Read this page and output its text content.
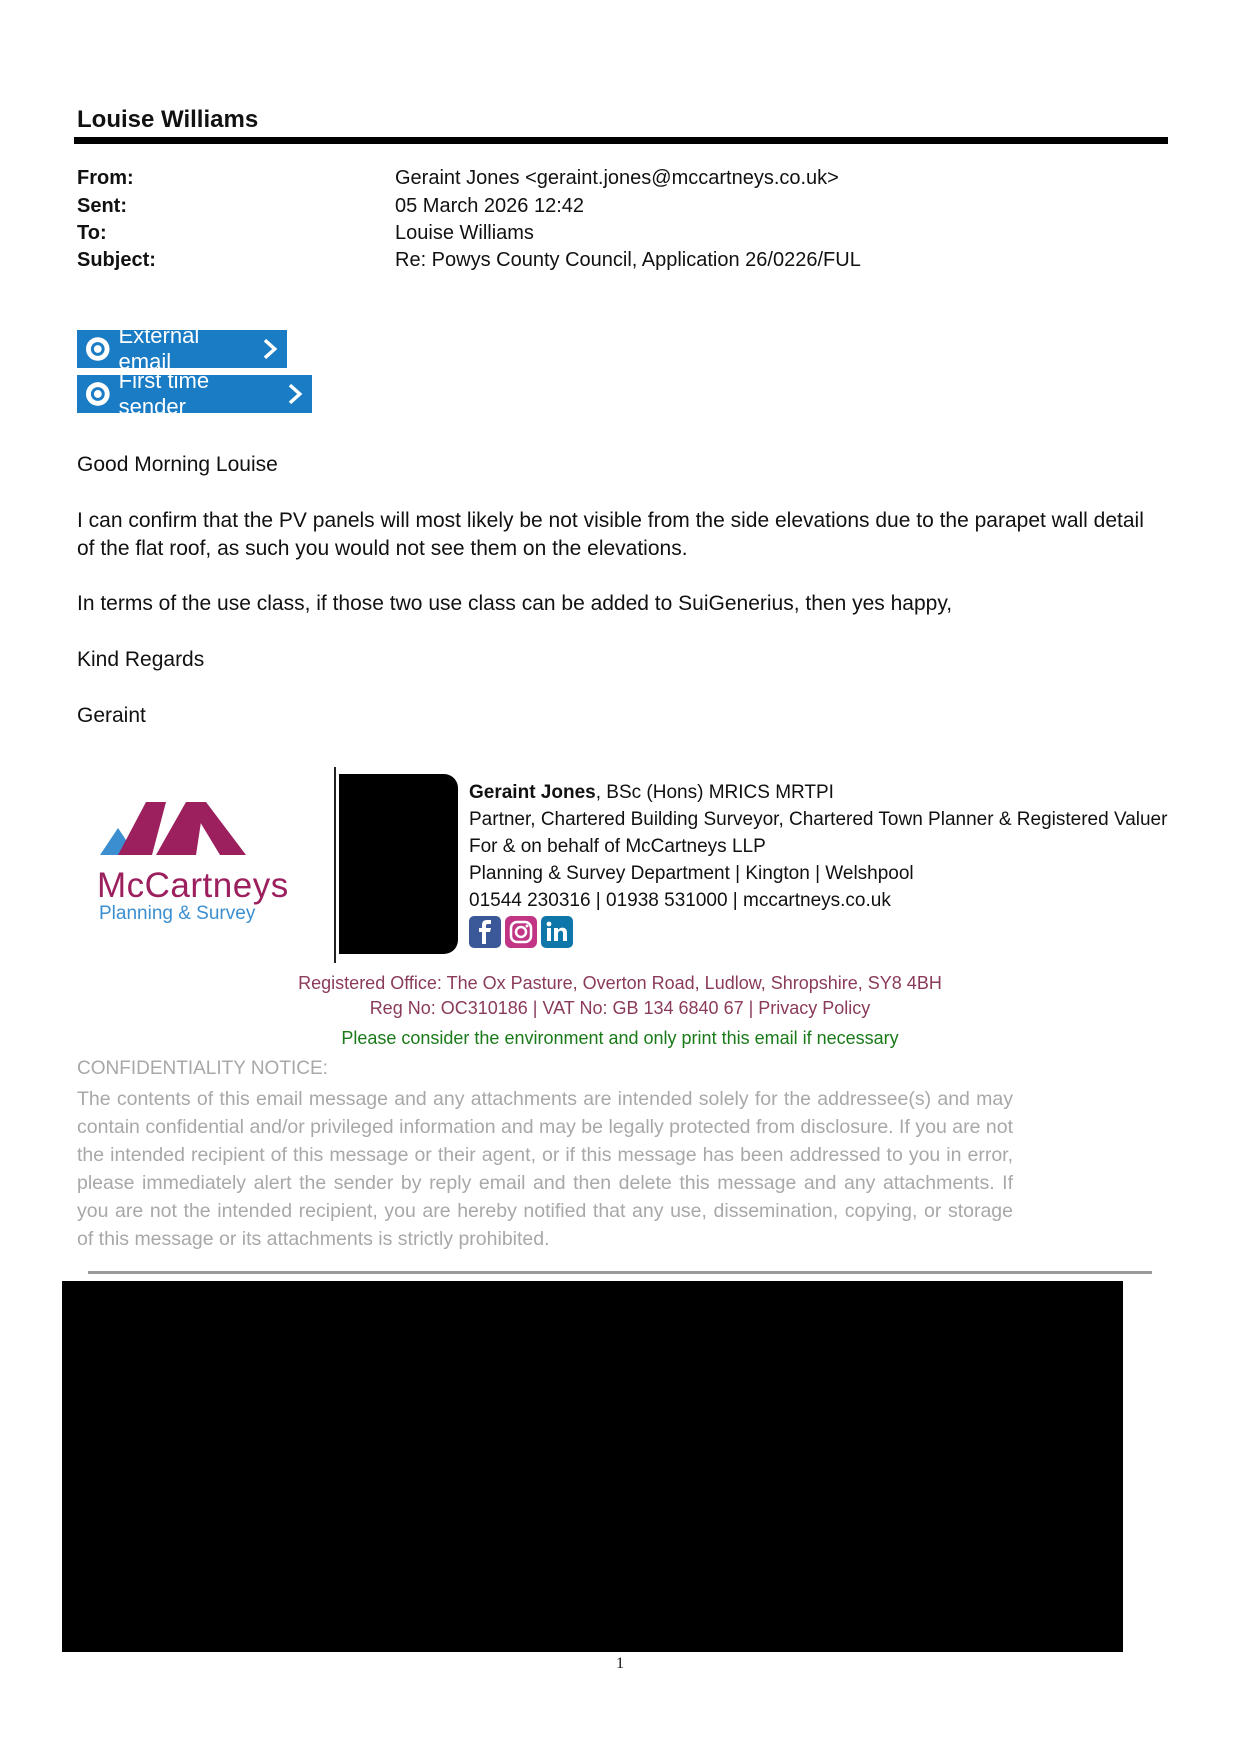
Louise Williams
From:	Geraint Jones <geraint.jones@mccartneys.co.uk>
Sent:	05 March 2026 12:42
To:	Louise Williams
Subject:	Re: Powys County Council, Application 26/0226/FUL
External email
First time sender
Good Morning Louise
I can confirm that the PV panels will most likely be not visible from the side elevations due to the parapet wall detail of the flat roof, as such you would not see them on the elevations.
In terms of the use class, if those two use class can be added to SuiGenerius, then yes happy,
Kind Regards
Geraint
McCartneys
Planning & Survey
Geraint Jones, BSc (Hons) MRICS MRTPI
Partner, Chartered Building Surveyor, Chartered Town Planner & Registered Valuer
For & on behalf of McCartneys LLP
Planning & Survey Department | Kington | Welshpool
01544 230316 | 01938 531000 | mccartneys.co.uk
Registered Office: The Ox Pasture, Overton Road, Ludlow, Shropshire, SY8 4BH
Reg No: OC310186 | VAT No: GB 134 6840 67 | Privacy Policy
Please consider the environment and only print this email if necessary
CONFIDENTIALITY NOTICE:
The contents of this email message and any attachments are intended solely for the addressee(s) and may contain confidential and/or privileged information and may be legally protected from disclosure. If you are not the intended recipient of this message or their agent, or if this message has been addressed to you in error, please immediately alert the sender by reply email and then delete this message and any attachments. If you are not the intended recipient, you are hereby notified that any use, dissemination, copying, or storage of this message or its attachments is strictly prohibited.
1
